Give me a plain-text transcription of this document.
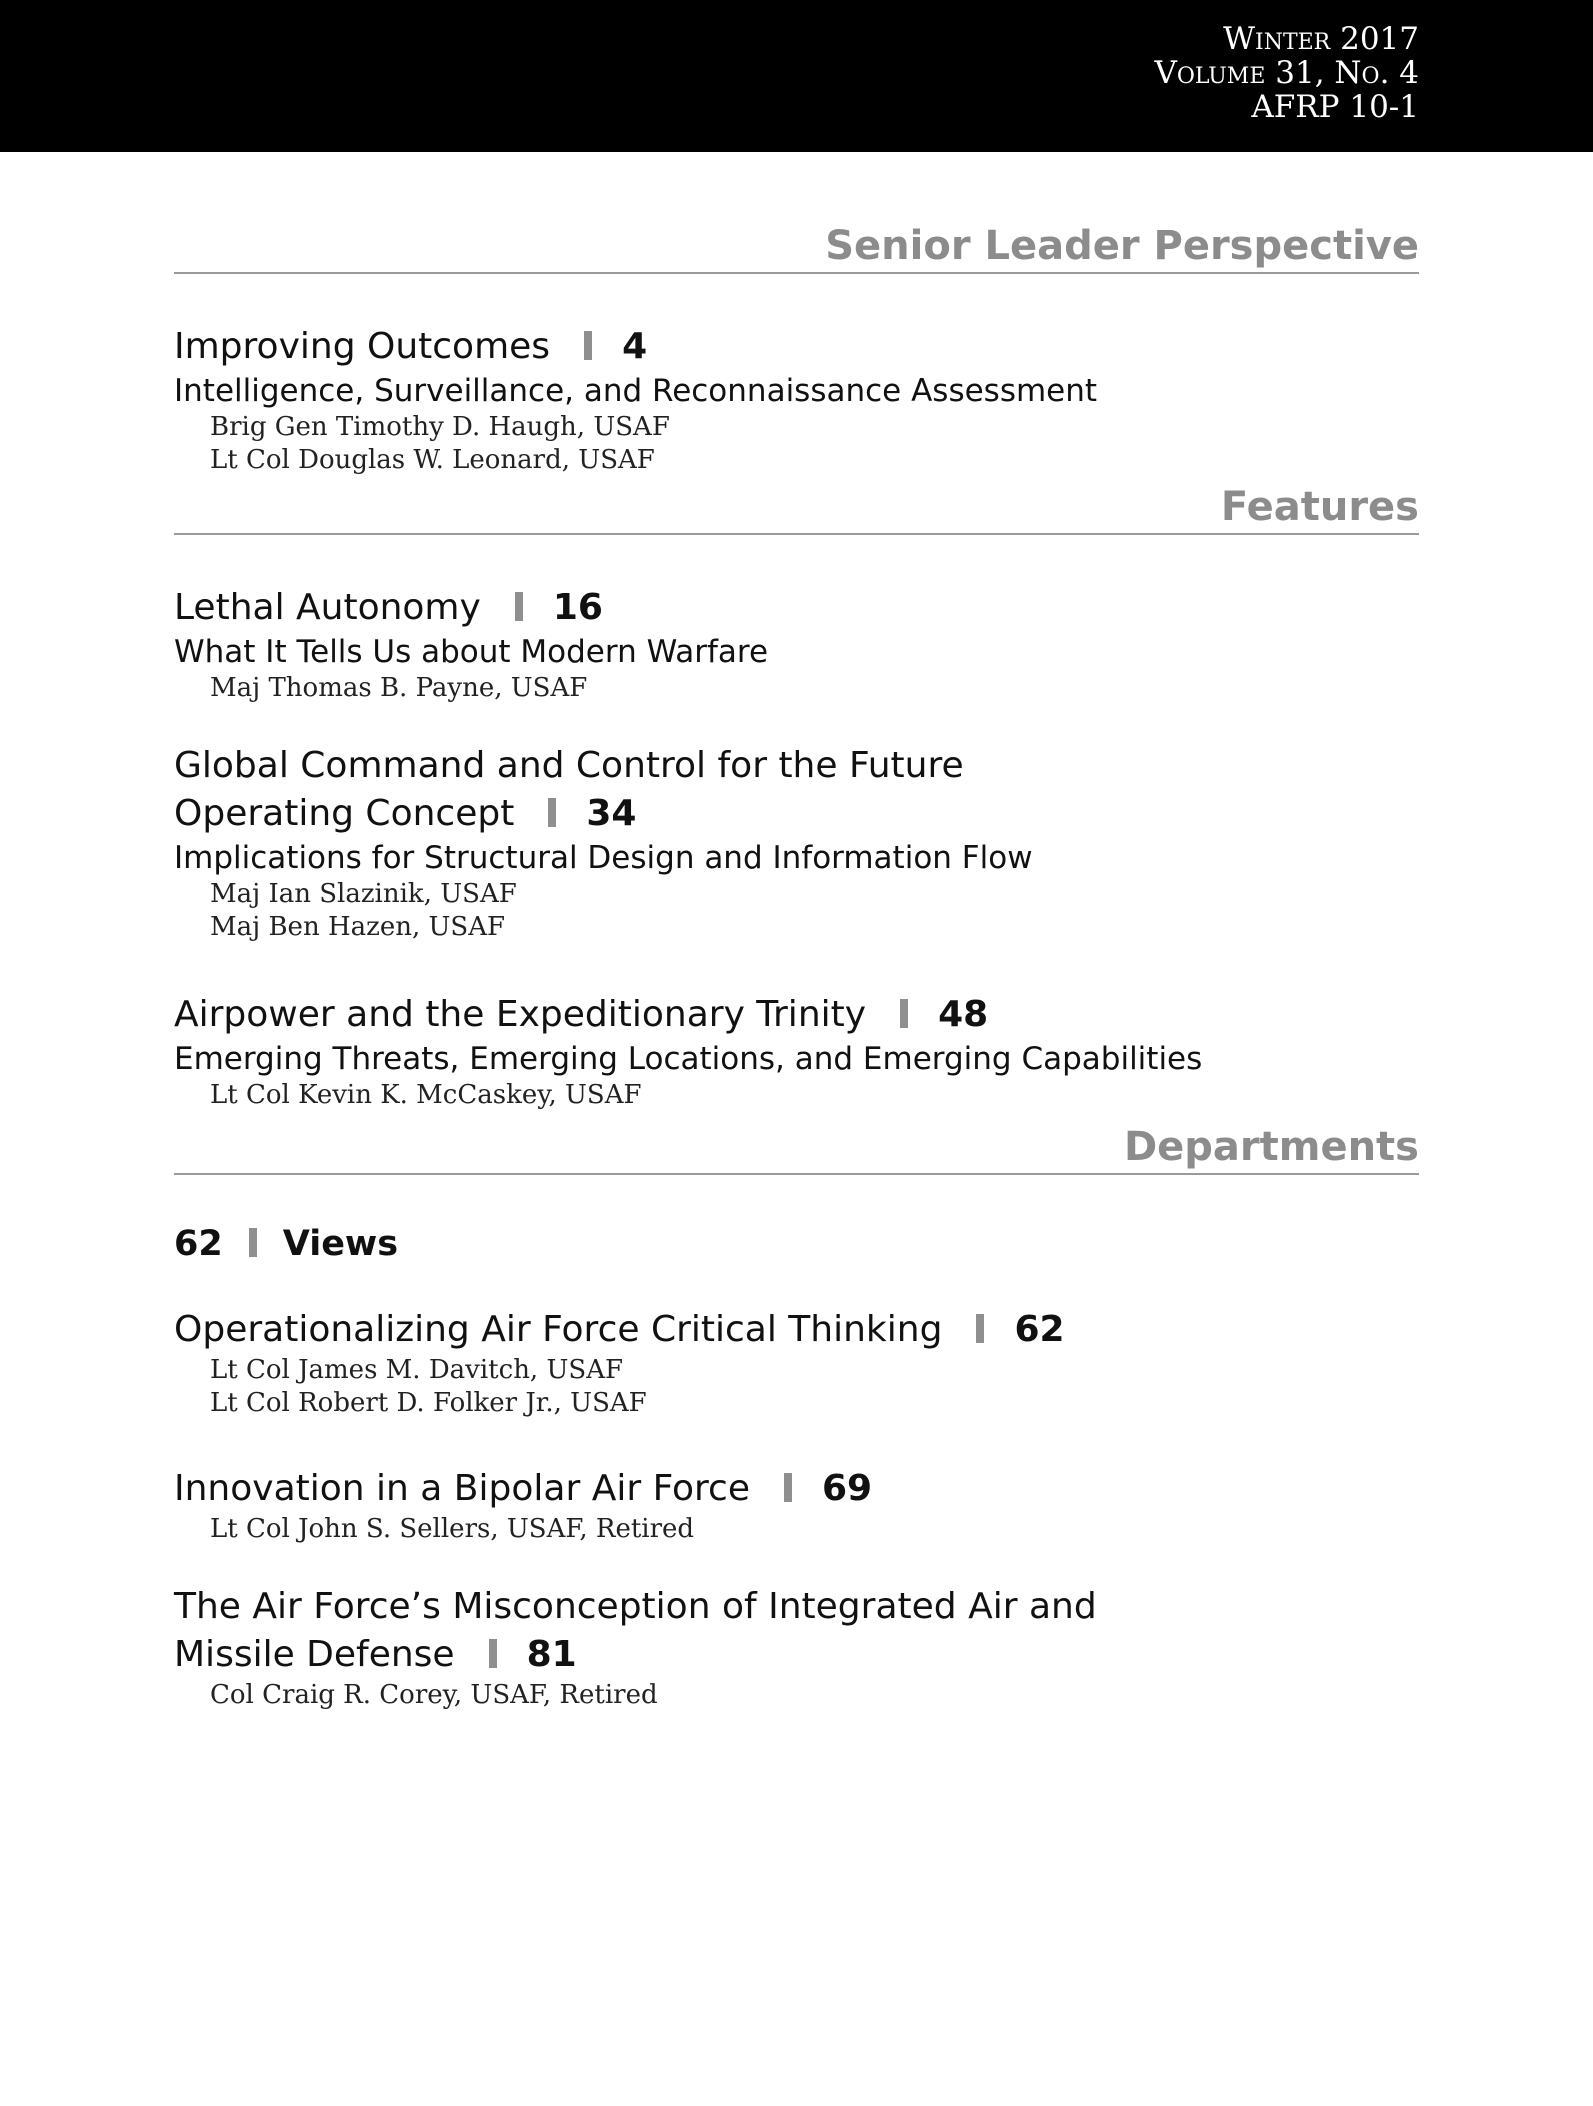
Winter 2017
Volume 31, No. 4
AFRP 10-1
Senior Leader Perspective
Improving Outcomes 4
Intelligence, Surveillance, and Reconnaissance Assessment
Brig Gen Timothy D. Haugh, USAF
Lt Col Douglas W. Leonard, USAF
Features
Lethal Autonomy 16
What It Tells Us about Modern Warfare
Maj Thomas B. Payne, USAF
Global Command and Control for the Future
Operating Concept 34
Implications for Structural Design and Information Flow
Maj Ian Slazinik, USAF
Maj Ben Hazen, USAF
Airpower and the Expeditionary Trinity 48
Emerging Threats, Emerging Locations, and Emerging Capabilities
Lt Col Kevin K. McCaskey, USAF
Departments
62 Views
Operationalizing Air Force Critical Thinking 62
Lt Col James M. Davitch, USAF
Lt Col Robert D. Folker Jr., USAF
Innovation in a Bipolar Air Force 69
Lt Col John S. Sellers, USAF, Retired
The Air Force’s Misconception of Integrated Air and
Missile Defense 81
Col Craig R. Corey, USAF, Retired
